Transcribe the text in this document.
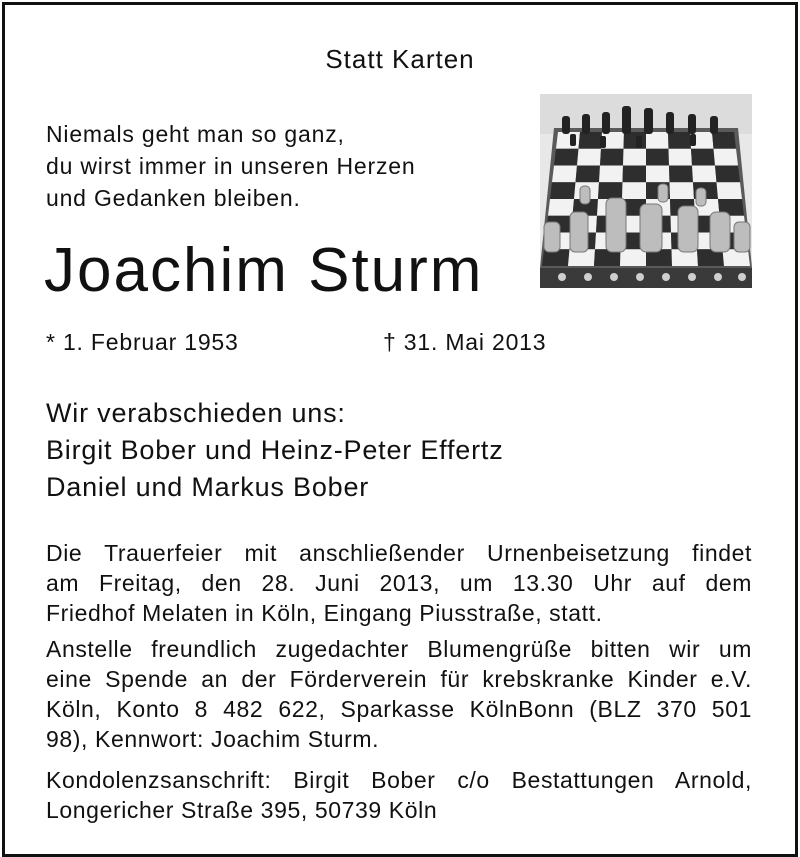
Statt Karten
Niemals geht man so ganz,
du wirst immer in unseren Herzen
und Gedanken bleiben.
Joachim Sturm
* 1. Februar 1953	† 31. Mai 2013
Wir verabschieden uns:
Birgit Bober und Heinz-Peter Effertz
Daniel und Markus Bober
Die Trauerfeier mit anschließender Urnenbeisetzung findet
am Freitag, den 28. Juni 2013, um 13.30 Uhr auf dem
Friedhof Melaten in Köln, Eingang Piusstraße, statt.
Anstelle freundlich zugedachter Blumengrüße bitten wir um
eine Spende an der Förderverein für krebskranke Kinder e.V.
Köln, Konto 8 482 622, Sparkasse KölnBonn (BLZ 370 501
98), Kennwort: Joachim Sturm.
Kondolenzsanschrift: Birgit Bober c/o Bestattungen Arnold,
Longericher Straße 395, 50739 Köln
